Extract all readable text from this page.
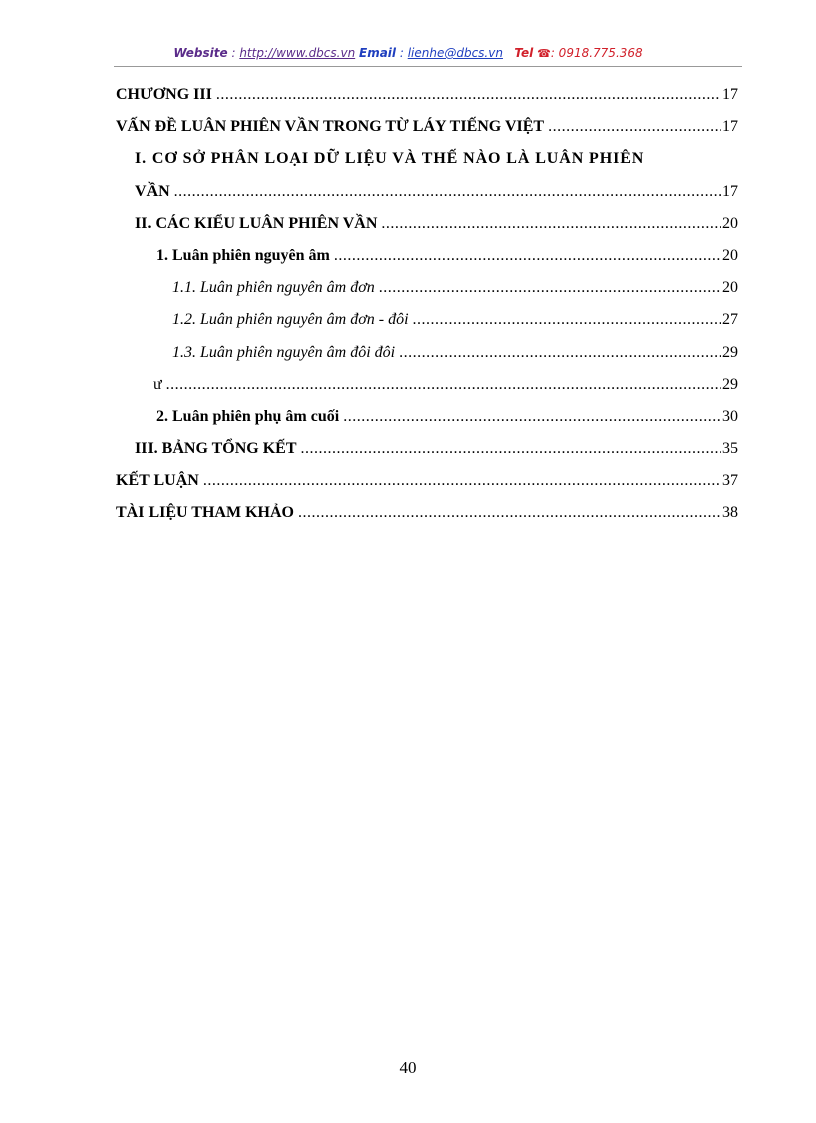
Website : http://www.dbcs.vn Email : lienhe@dbcs.vn Tel ☎: 0918.775.368
CHƯƠNG III .....	17
VẤN ĐỀ LUÂN PHIÊN VẦN TRONG TỪ LÁY TIẾNG VIỆT .....	17
I. CƠ SỞ PHÂN LOẠI DỮ LIỆU VÀ THẾ NÀO LÀ LUÂN PHIÊN
VẦN .....	17
II. CÁC KIỂU LUÂN PHIÊN VẦN .....	20
1. Luân phiên nguyên âm .....	20
1.1. Luân phiên nguyên âm đơn .....	20
1.2. Luân phiên nguyên âm đơn - đôi .....	27
1.3. Luân phiên nguyên âm đôi đôi .....	29
ư .....	29
2. Luân phiên phụ âm cuối .....	30
III. BẢNG TỔNG KẾT .....	35
KẾT LUẬN .....	37
TÀI LIỆU THAM KHẢO .....	38
40
